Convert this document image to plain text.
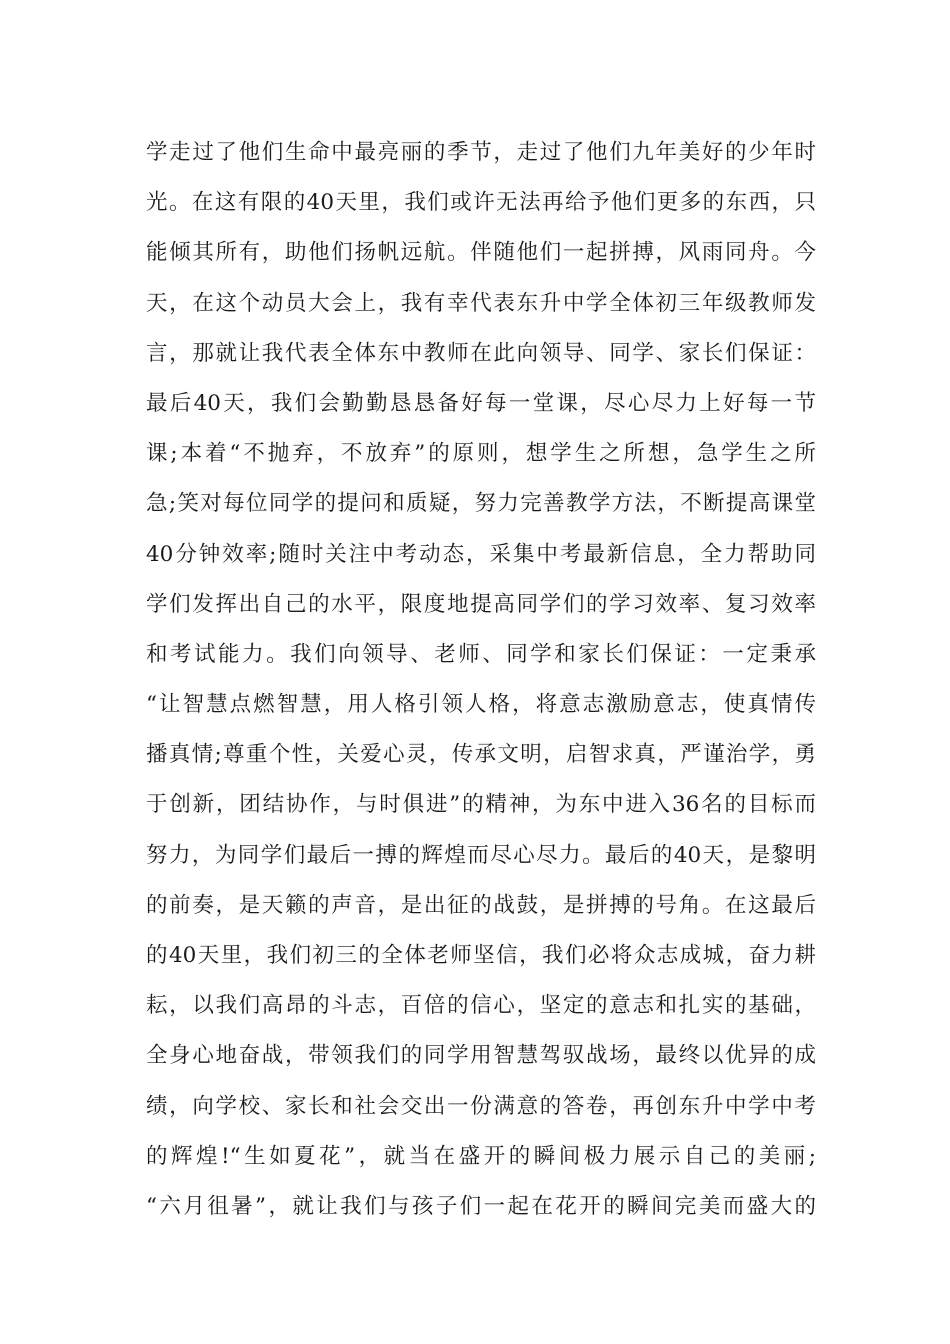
学走过了他们生命中最亮丽的季节，走过了他们九年美好的少年时
光。在这有限的40天里，我们或许无法再给予他们更多的东西，只
能倾其所有，助他们扬帆远航。伴随他们一起拼搏，风雨同舟。今
天，在这个动员大会上，我有幸代表东升中学全体初三年级教师发
言，那就让我代表全体东中教师在此向领导、同学、家长们保证：
最后40天，我们会勤勤恳恳备好每一堂课，尽心尽力上好每一节
课;本着“不抛弃，不放弃”的原则，想学生之所想，急学生之所
急;笑对每位同学的提问和质疑，努力完善教学方法，不断提高课堂
40分钟效率;随时关注中考动态，采集中考最新信息，全力帮助同
学们发挥出自己的水平，限度地提高同学们的学习效率、复习效率
和考试能力。我们向领导、老师、同学和家长们保证：一定秉承
“让智慧点燃智慧，用人格引领人格，将意志激励意志，使真情传
播真情;尊重个性，关爱心灵，传承文明，启智求真，严谨治学，勇
于创新，团结协作，与时俱进”的精神，为东中进入36名的目标而
努力，为同学们最后一搏的辉煌而尽心尽力。最后的40天，是黎明
的前奏，是天籁的声音，是出征的战鼓，是拼搏的号角。在这最后
的40天里，我们初三的全体老师坚信，我们必将众志成城，奋力耕
耘，以我们高昂的斗志，百倍的信心，坚定的意志和扎实的基础，
全身心地奋战，带领我们的同学用智慧驾驭战场，最终以优异的成
绩，向学校、家长和社会交出一份满意的答卷，再创东升中学中考
的辉煌!“生如夏花”，就当在盛开的瞬间极力展示自己的美丽;
“六月徂暑”，就让我们与孩子们一起在花开的瞬间完美而盛大的
